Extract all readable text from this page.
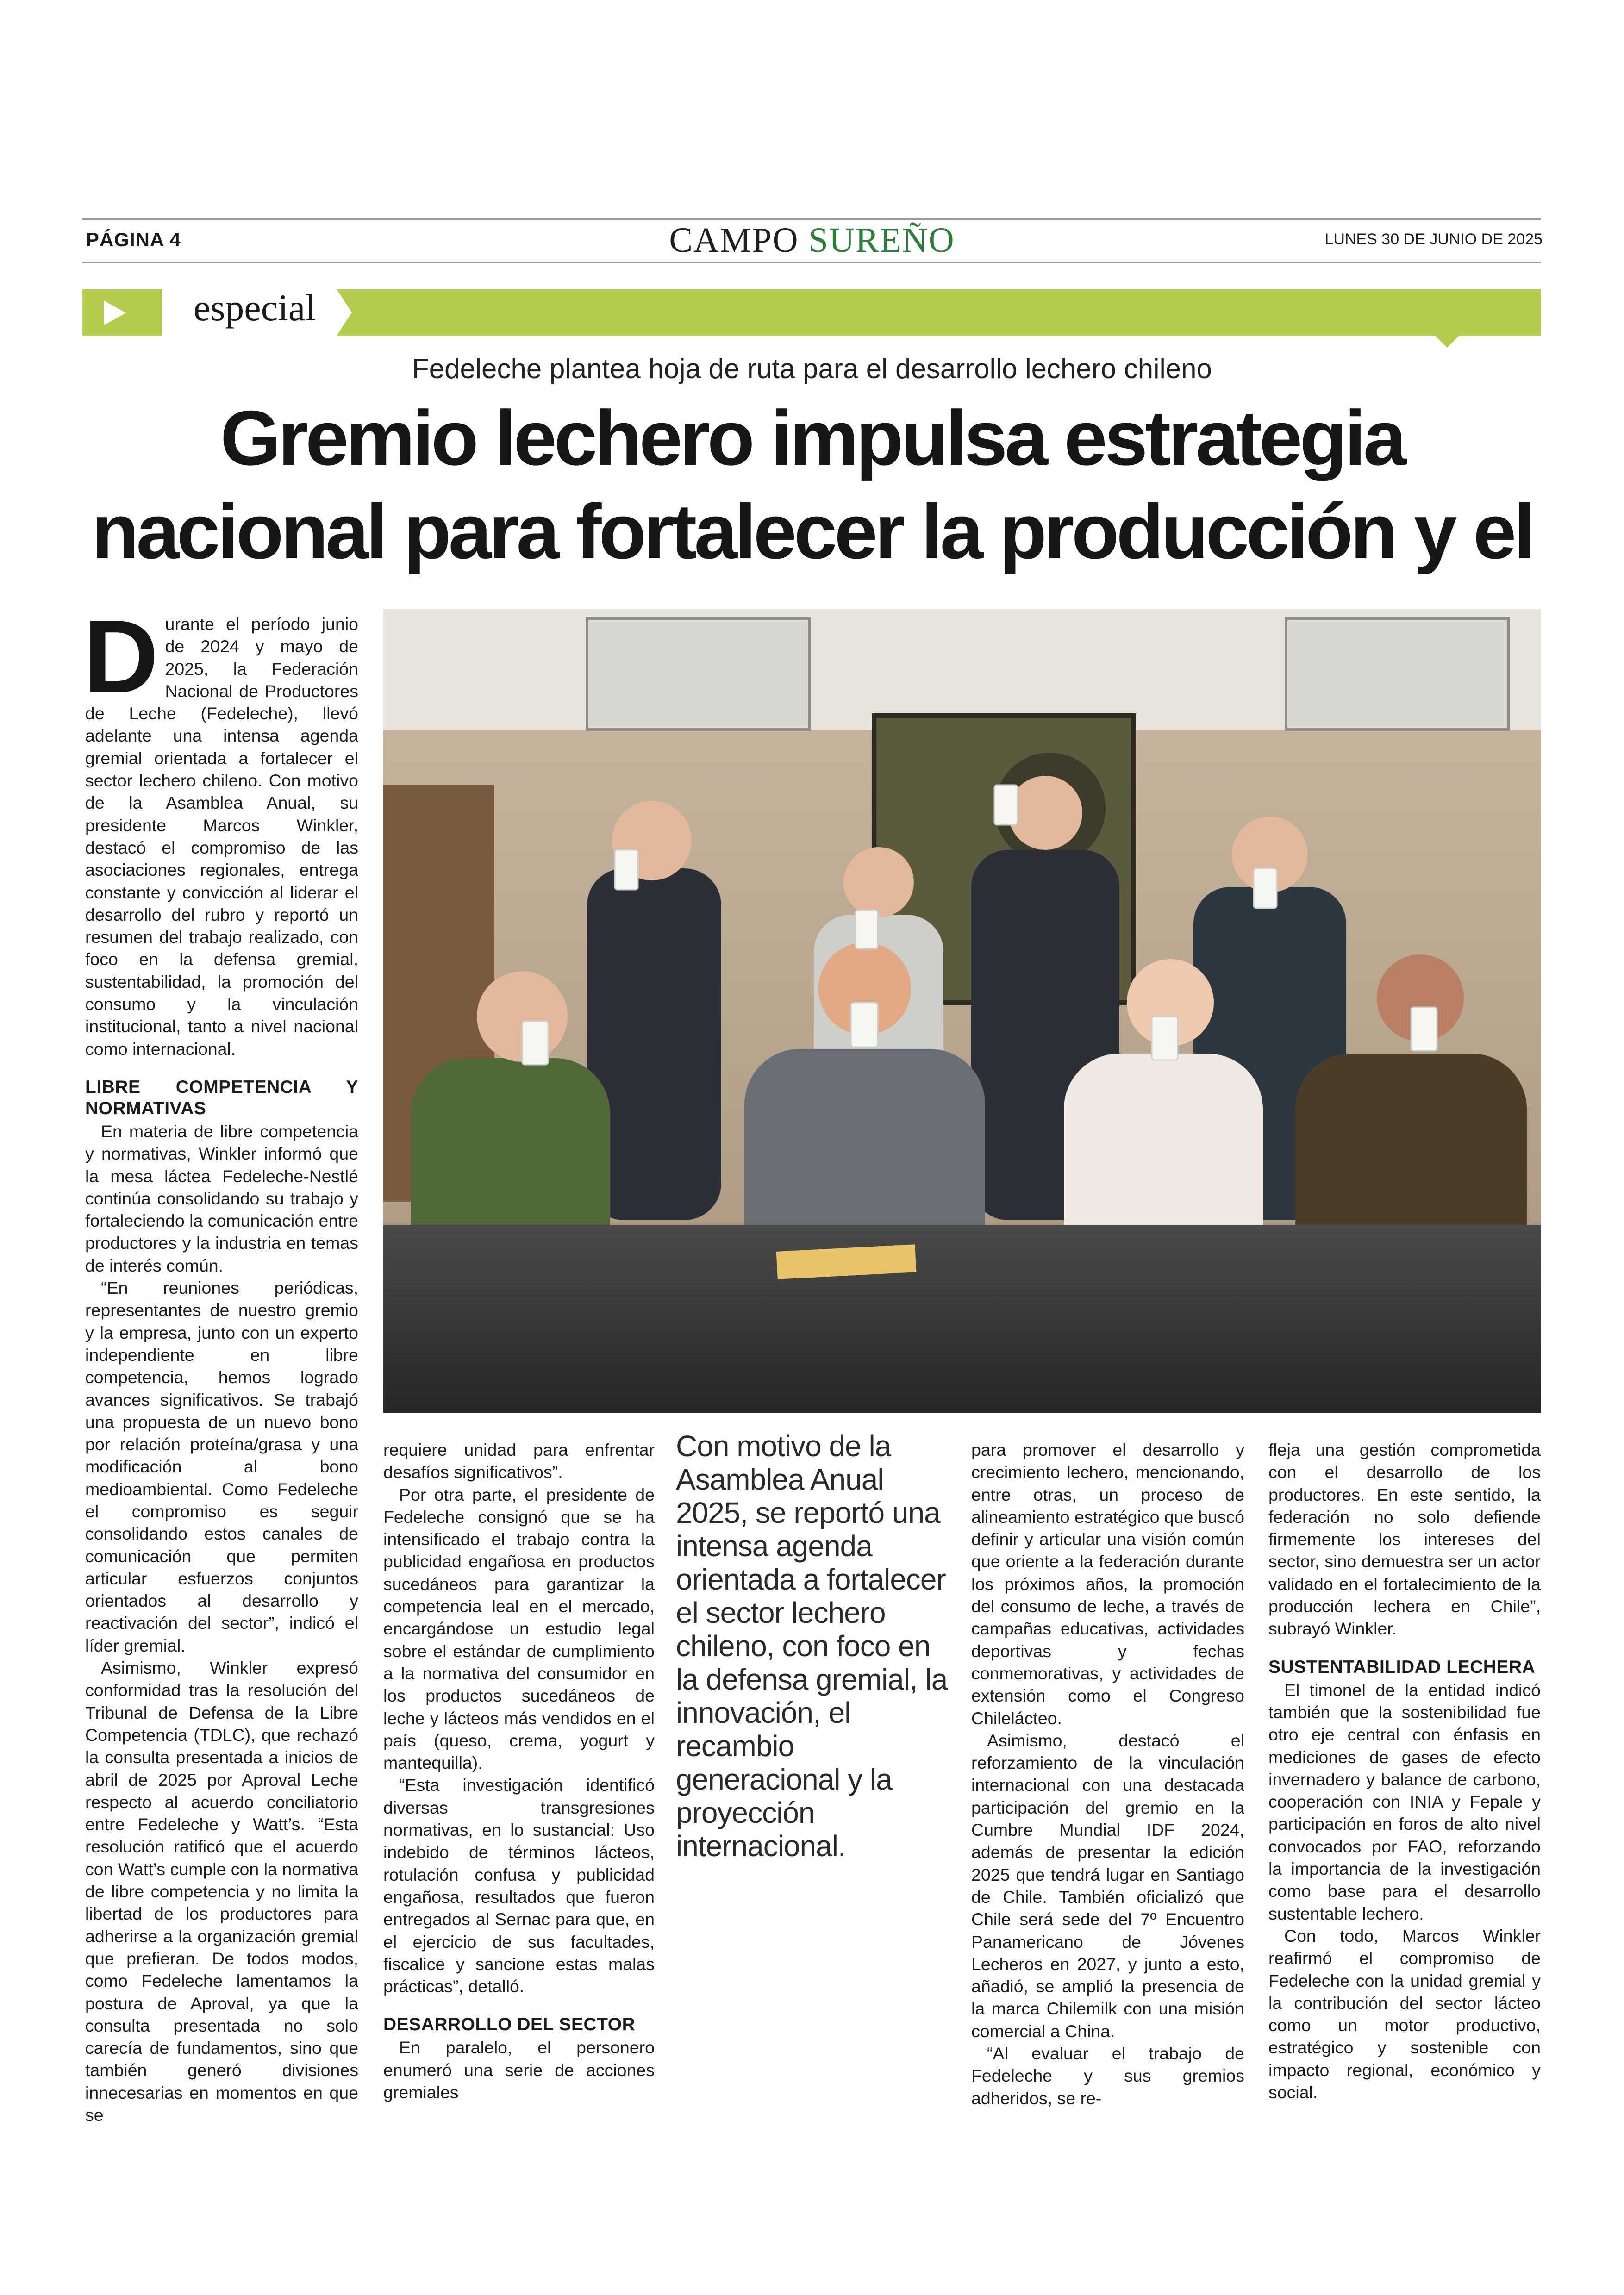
PÁGINA 4	CAMPO SUREÑO	LUNES 30 DE JUNIO DE 2025
especial
Fedeleche plantea hoja de ruta para el desarrollo lechero chileno
Gremio lechero impulsa estrategia nacional para fortalecer la producción y el
D urante el período junio de 2024 y mayo de 2025, la Federación Nacional de Productores de Leche (Fedeleche), llevó adelante una intensa agenda gremial orientada a fortalecer el sector lechero chileno. Con motivo de la Asamblea Anual, su presidente Marcos Winkler, destacó el compromiso de las asociaciones regionales, entrega constante y convicción al liderar el desarrollo del rubro y reportó un resumen del trabajo realizado, con foco en la defensa gremial, sustentabilidad, la promoción del consumo y la vinculación institucional, tanto a nivel nacional como internacional.

LIBRE COMPETENCIA Y NORMATIVAS

En materia de libre competencia y normativas, Winkler informó que la mesa láctea Fedeleche-Nestlé continúa consolidando su trabajo y fortaleciendo la comunicación entre productores y la industria en temas de interés común.

“En reuniones periódicas, representantes de nuestro gremio y la empresa, junto con un experto independiente en libre competencia, hemos logrado avances significativos. Se trabajó una propuesta de un nuevo bono por relación proteína/grasa y una modificación al bono medioambiental. Como Fedeleche el compromiso es seguir consolidando estos canales de comunicación que permiten articular esfuerzos conjuntos orientados al desarrollo y reactivación del sector”, indicó el líder gremial.

Asimismo, Winkler expresó conformidad tras la resolución del Tribunal de Defensa de la Libre Competencia (TDLC), que rechazó la consulta presentada a inicios de abril de 2025 por Aproval Leche respecto al acuerdo conciliatorio entre Fedeleche y Watt’s. “Esta resolución ratificó que el acuerdo con Watt’s cumple con la normativa de libre competencia y no limita la libertad de los productores para adherirse a la organización gremial que prefieran. De todos modos, como Fedeleche lamentamos la postura de Aproval, ya que la consulta presentada no solo carecía de fundamentos, sino que también generó divisiones innecesarias en momentos en que se

requiere unidad para enfrentar desafíos significativos”.

Por otra parte, el presidente de Fedeleche consignó que se ha intensificado el trabajo contra la publicidad engañosa en productos sucedáneos para garantizar la competencia leal en el mercado, encargándose un estudio legal sobre el estándar de cumplimiento a la normativa del consumidor en los productos sucedáneos de leche y lácteos más vendidos en el país (queso, crema, yogurt y mantequilla).

“Esta investigación identificó diversas transgresiones normativas, en lo sustancial: Uso indebido de términos lácteos, rotulación confusa y publicidad engañosa, resultados que fueron entregados al Sernac para que, en el ejercicio de sus facultades, fiscalice y sancione estas malas prácticas”, detalló.

DESARROLLO DEL SECTOR

En paralelo, el personero enumeró una serie de acciones gremiales

Con motivo de la Asamblea Anual 2025, se reportó una intensa agenda orientada a fortalecer el sector lechero chileno, con foco en la defensa gremial, la innovación, el recambio generacional y la proyección internacional.

para promover el desarrollo y crecimiento lechero, mencionando, entre otras, un proceso de alineamiento estratégico que buscó definir y articular una visión común que oriente a la federación durante los próximos años, la promoción del consumo de leche, a través de campañas educativas, actividades deportivas y fechas conmemorativas, y actividades de extensión como el Congreso Chilelácteo.

Asimismo, destacó el reforzamiento de la vinculación internacional con una destacada participación del gremio en la Cumbre Mundial IDF 2024, además de presentar la edición 2025 que tendrá lugar en Santiago de Chile. También oficializó que Chile será sede del 7º Encuentro Panamericano de Jóvenes Lecheros en 2027, y junto a esto, añadió, se amplió la presencia de la marca Chilemilk con una misión comercial a China.

“Al evaluar el trabajo de Fedeleche y sus gremios adheridos, se re-

fleja una gestión comprometida con el desarrollo de los productores. En este sentido, la federación no solo defiende firmemente los intereses del sector, sino demuestra ser un actor validado en el fortalecimiento de la producción lechera en Chile”, subrayó Winkler.

SUSTENTABILIDAD LECHERA

El timonel de la entidad indicó también que la sostenibilidad fue otro eje central con énfasis en mediciones de gases de efecto invernadero y balance de carbono, cooperación con INIA y Fepale y participación en foros de alto nivel convocados por FAO, reforzando la importancia de la investigación como base para el desarrollo sustentable lechero.

Con todo, Marcos Winkler reafirmó el compromiso de Fedeleche con la unidad gremial y la contribución del sector lácteo como un motor productivo, estratégico y sostenible con impacto regional, económico y social.
